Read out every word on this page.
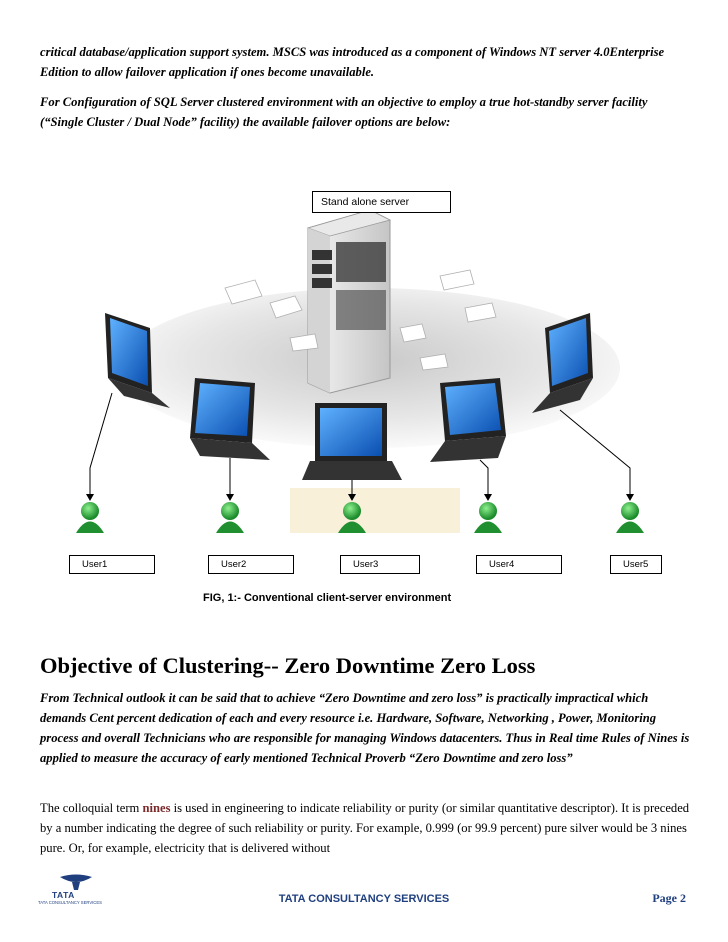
critical database/application support system. MSCS was introduced as a component of Windows NT server 4.0Enterprise Edition to allow failover application if ones become unavailable.

For Configuration of SQL Server clustered environment with an objective to employ a true hot-standby server facility (“Single Cluster / Dual Node” facility) the available failover options are below:

Stand alone server
User1	User2	User3	User4	User5
FIG, 1:- Conventional client-server environment
Objective of Clustering-- Zero Downtime Zero Loss

From Technical outlook it can be said that to achieve “Zero Downtime and zero loss” is practically impractical which demands Cent percent dedication of each and every resource i.e. Hardware, Software, Networking , Power, Monitoring process and overall Technicians who are responsible for managing Windows datacenters. Thus in Real time Rules of Nines is applied to measure the accuracy of early mentioned Technical Proverb “Zero Downtime and zero loss”

The colloquial term nines is used in engineering to indicate reliability or purity (or similar quantitative descriptor). It is preceded by a number indicating the degree of such reliability or purity. For example, 0.999 (or 99.9 percent) pure silver would be 3 nines pure. Or, for example, electricity that is delivered without

TATA
TATA CONSULTANCY SERVICES	TATA CONSULTANCY SERVICES	Page 2
